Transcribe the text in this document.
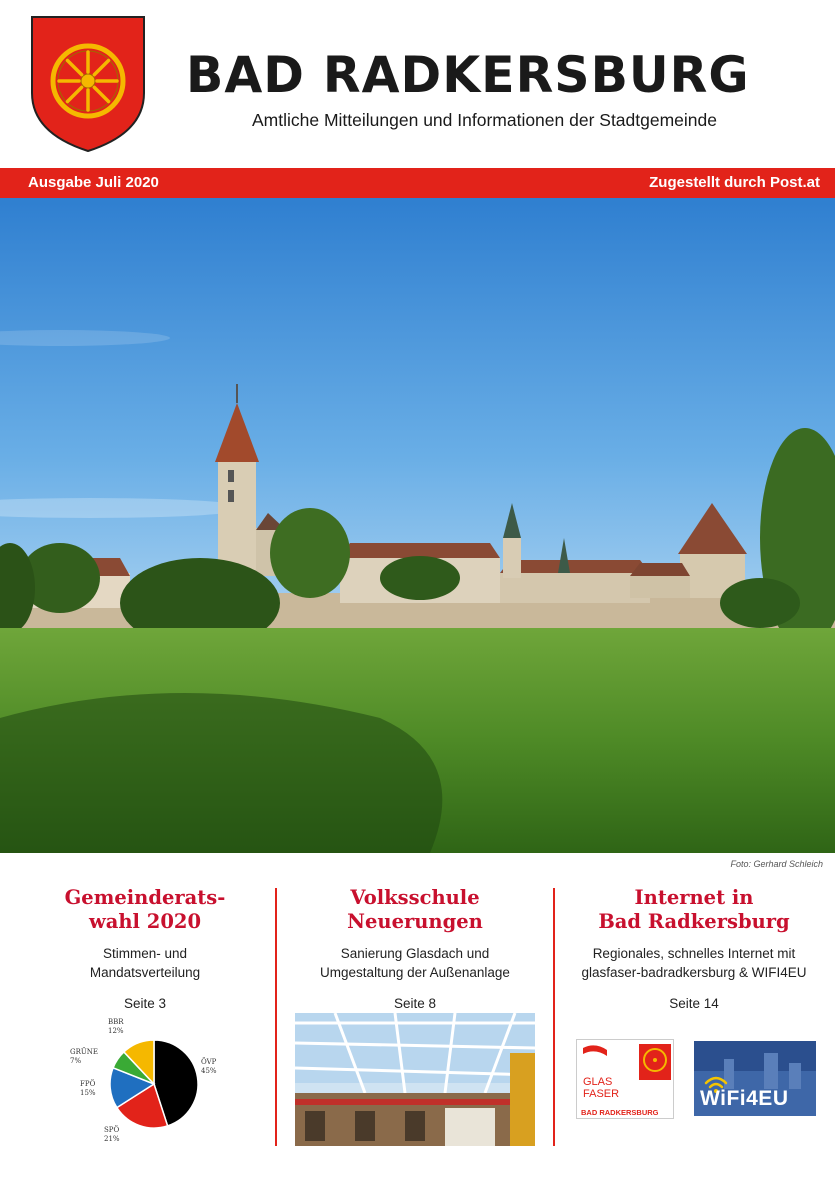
BAD RADKERSBURG
Amtliche Mitteilungen und Informationen der Stadtgemeinde
Ausgabe Juli 2020	Zugestellt durch Post.at
Foto: Gerhard Schleich
Gemeinderats-
wahl 2020
Stimmen- und
Mandatsverteilung
Seite 3
Volksschule
Neuerungen
Sanierung Glasdach und
Umgestaltung der Außenanlage
Seite 8
Internet in
Bad Radkersburg
Regionales, schnelles Internet mit
glasfaser-badradkersburg & WIFI4EU
Seite 14
ÖVP
45%
SPÖ
21%
FPÖ
15%
GRÜNE
7%
BBR
12%
GLAS
FASER
BAD RADKERSBURG
WiFi4EU
